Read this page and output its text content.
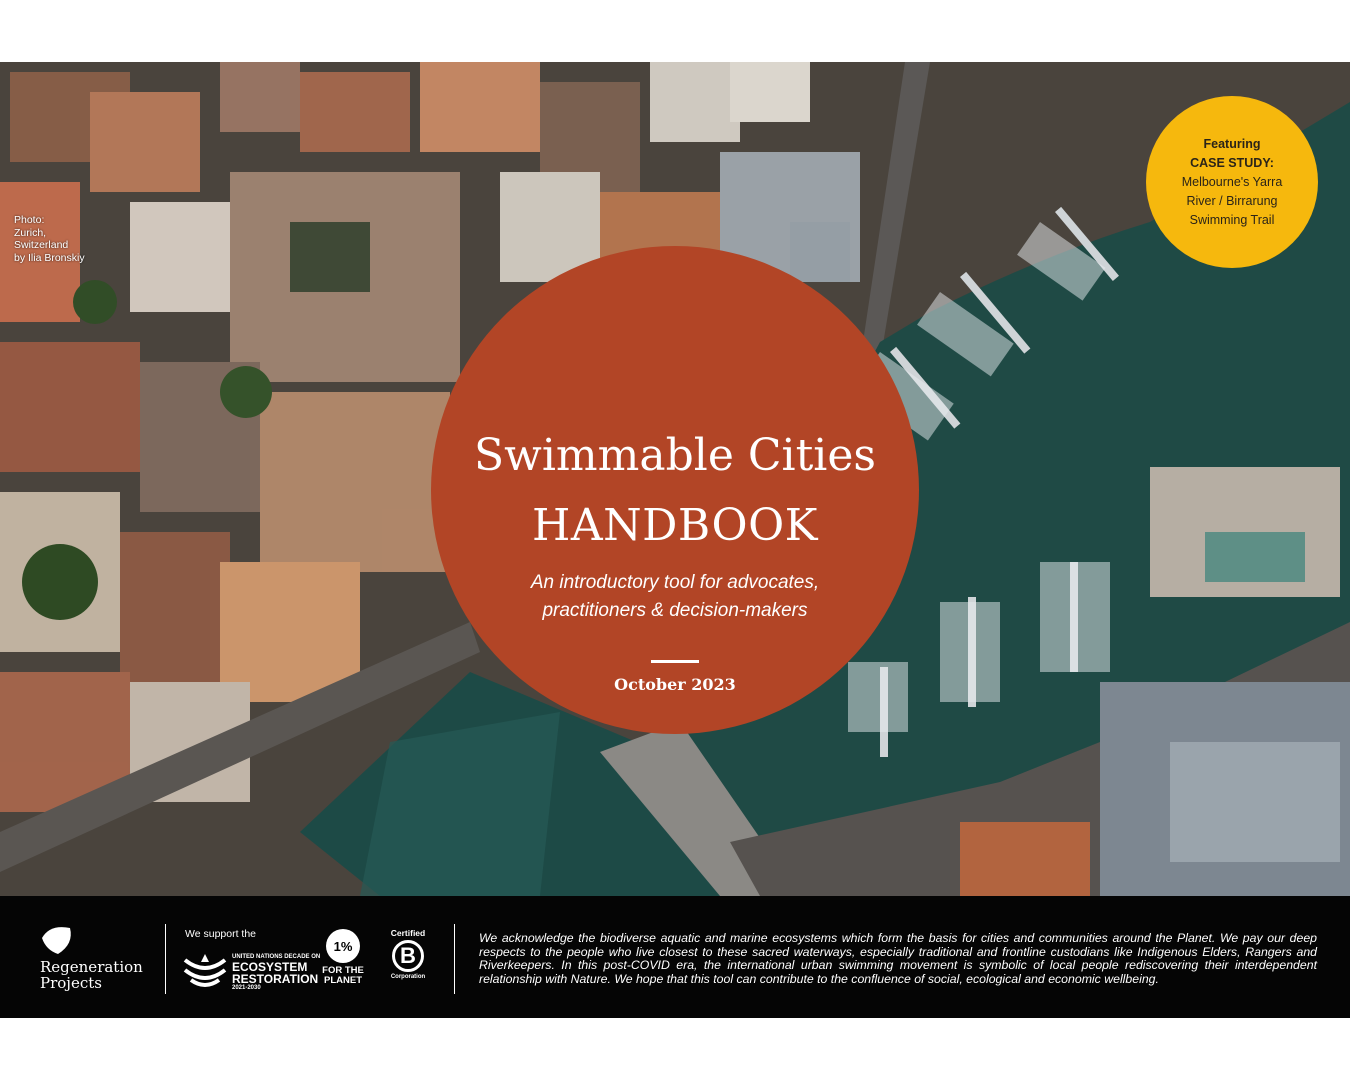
Photo:
Zurich,
Switzerland
by Ilia Bronskiy
Featuring
CASE STUDY:
Melbourne's Yarra
River / Birrarung
Swimming Trail
Swimmable Cities
HANDBOOK
An introductory tool for advocates,
practitioners & decision-makers
October 2023
Regeneration
Projects
We support the
UNITED NATIONS DECADE ON
ECOSYSTEM
RESTORATION
2021-2030
1%
FOR THE
PLANET
Certified
B
Corporation
We acknowledge the biodiverse aquatic and marine ecosystems which form the basis for cities and communities around the Planet. We pay our deep respects to the people who live closest to these sacred waterways, especially traditional and frontline custodians like Indigenous Elders, Rangers and Riverkeepers. In this post-COVID era, the international urban swimming movement is symbolic of local people rediscovering their interdependent relationship with Nature. We hope that this tool can contribute to the confluence of social, ecological and economic wellbeing.
